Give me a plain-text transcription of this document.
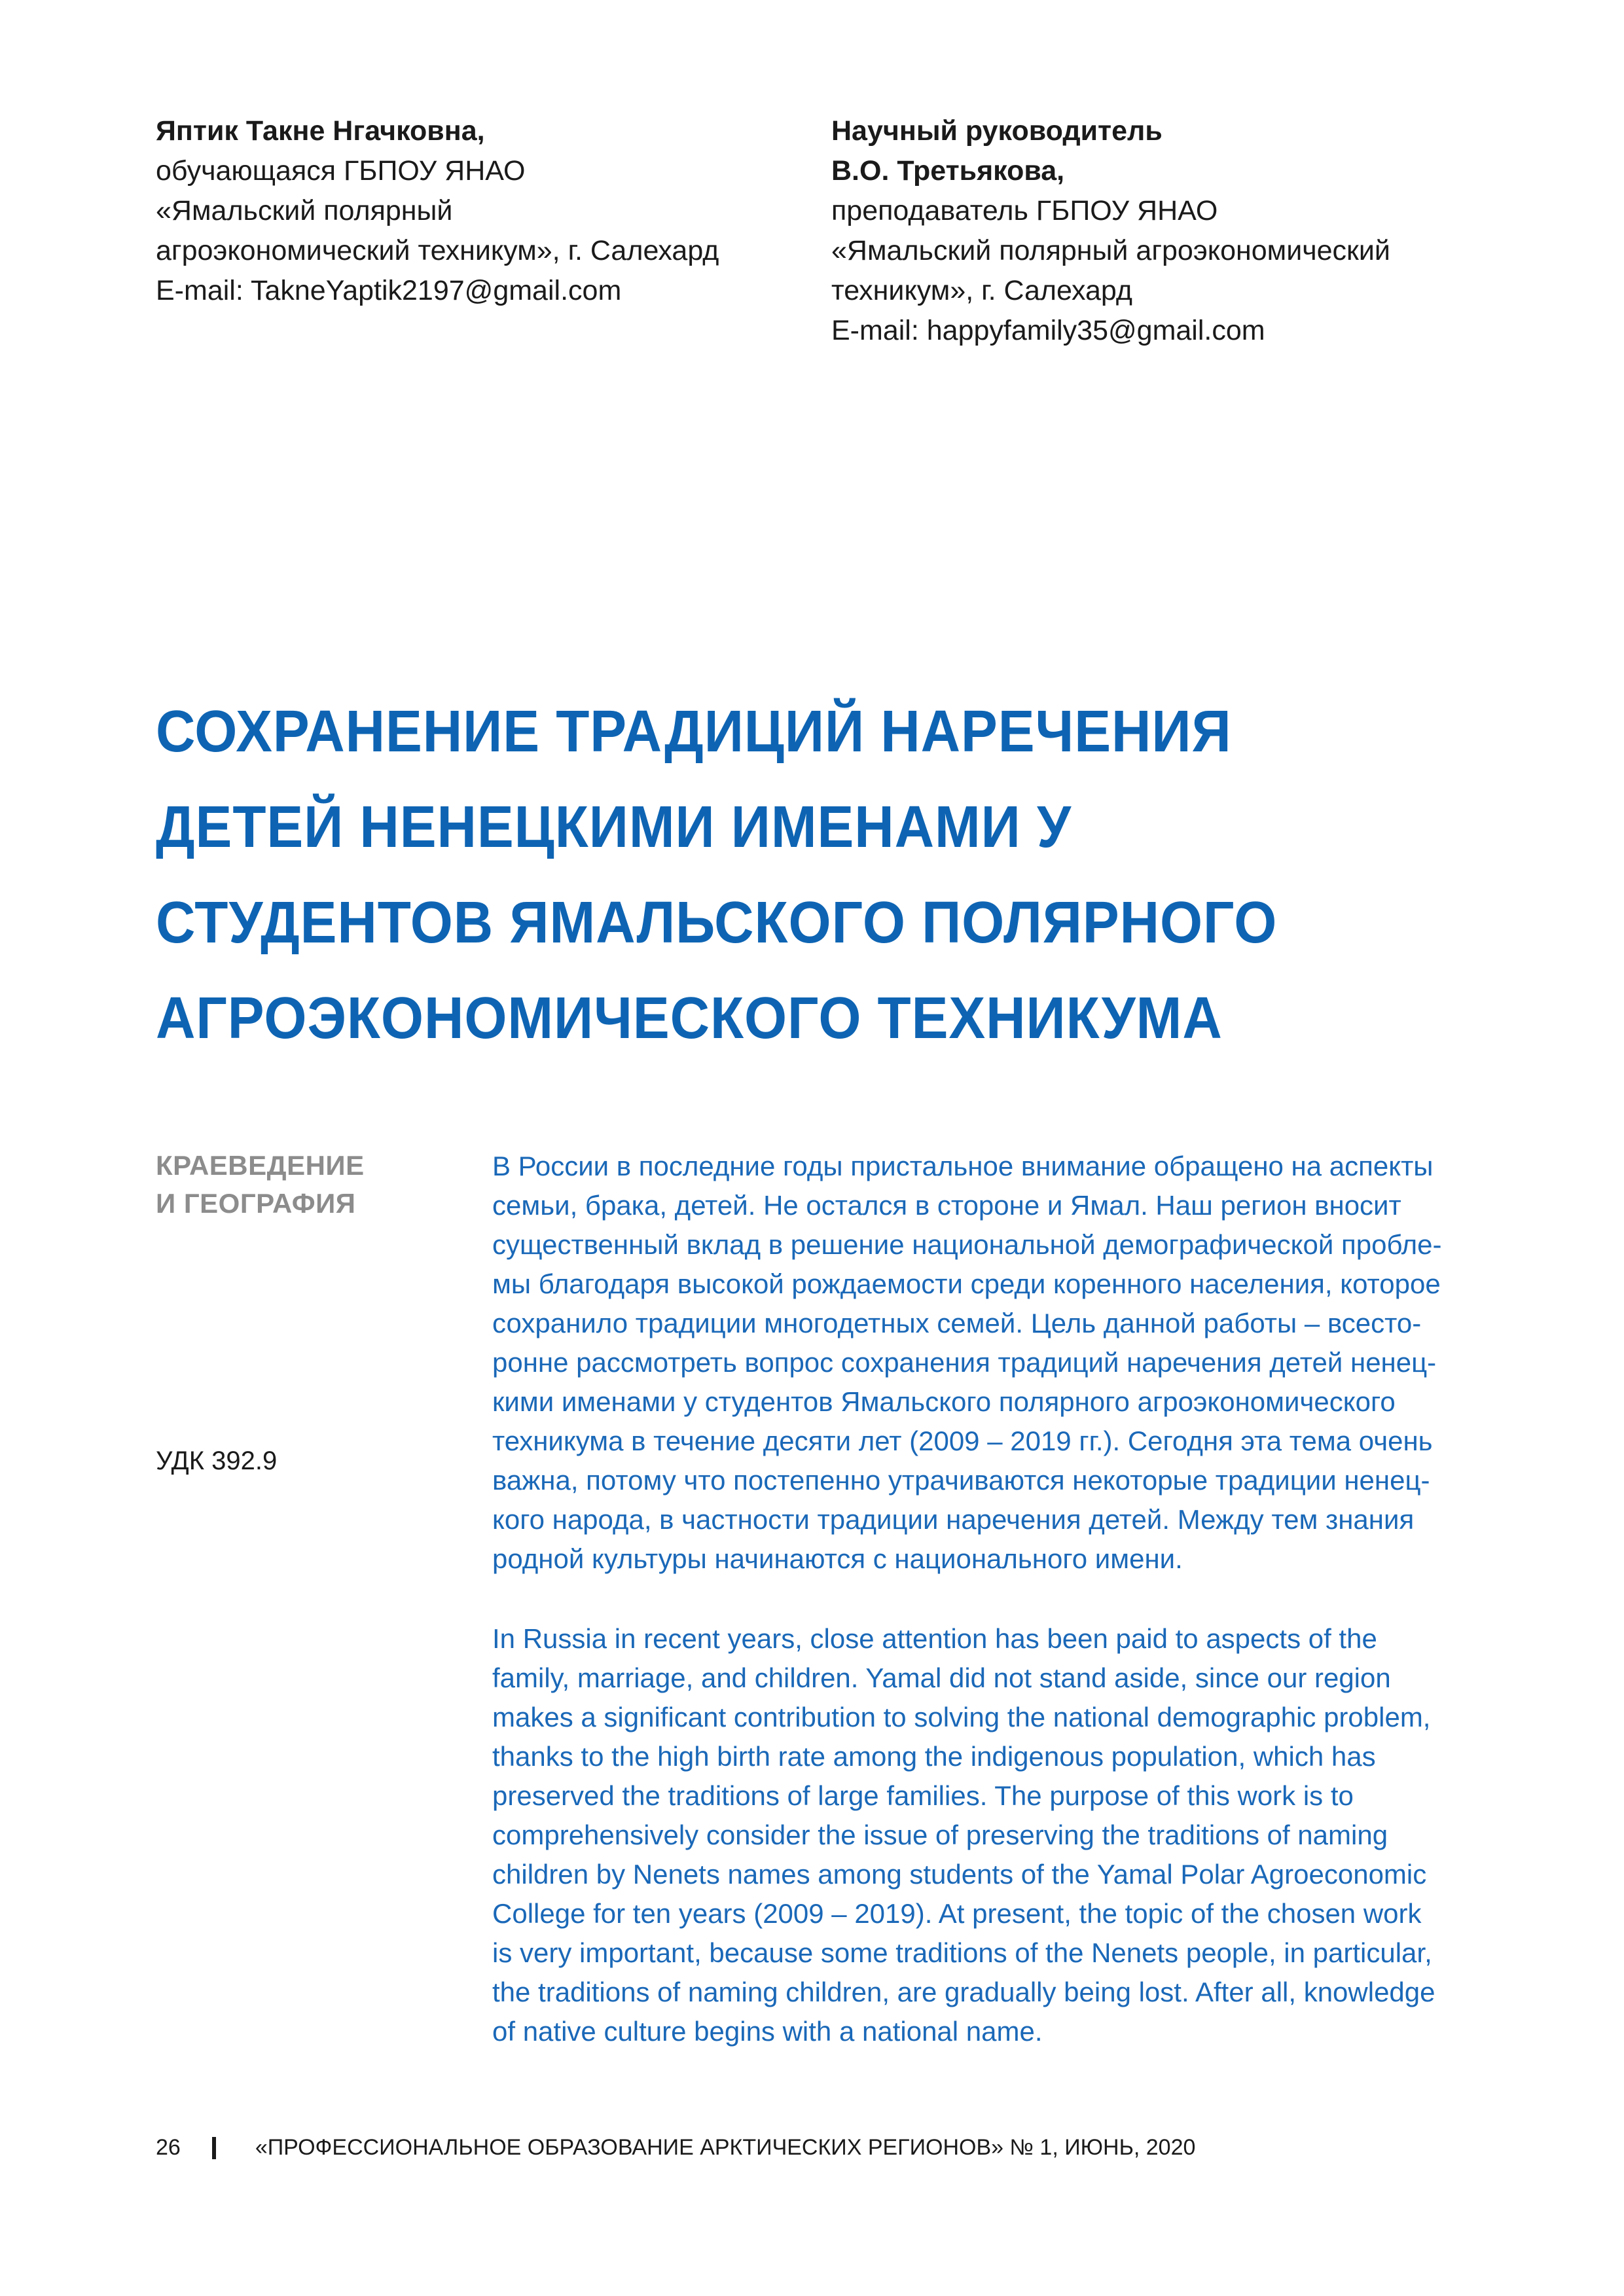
Яптик Такне Нгачковна,
обучающаяся ГБПОУ ЯНАО
«Ямальский полярный
агроэкономический техникум», г. Салехард
E-mail: TakneYaptik2197@gmail.com
Научный руководитель
В.О. Третьякова,
преподаватель ГБПОУ ЯНАО
«Ямальский полярный агроэкономический
техникум», г. Салехард
E-mail: happyfamily35@gmail.com
СОХРАНЕНИЕ ТРАДИЦИЙ НАРЕЧЕНИЯ
ДЕТЕЙ НЕНЕЦКИМИ ИМЕНАМИ У
СТУДЕНТОВ ЯМАЛЬСКОГО ПОЛЯРНОГО
АГРОЭКОНОМИЧЕСКОГО ТЕХНИКУМА
КРАЕВЕДЕНИЕ
И ГЕОГРАФИЯ
УДК 392.9
В России в последние годы пристальное внимание обращено на аспекты
семьи, брака, детей. Не остался в стороне и Ямал. Наш регион вносит
существенный вклад в решение национальной демографической пробле-
мы благодаря высокой рождаемости среди коренного населения, которое
сохранило традиции многодетных семей. Цель данной работы – всесто-
ронне рассмотреть вопрос сохранения традиций наречения детей ненец-
кими именами у студентов Ямальского полярного агроэкономического
техникума в течение десяти лет (2009 – 2019 гг.). Сегодня эта тема очень
важна, потому что постепенно утрачиваются некоторые традиции ненец-
кого народа, в частности традиции наречения детей. Между тем знания
родной культуры начинаются с национального имени.
In Russia in recent years, close attention has been paid to aspects of the
family, marriage, and children. Yamal did not stand aside, since our region
makes a significant contribution to solving the national demographic problem,
thanks to the high birth rate among the indigenous population, which has
preserved the traditions of large families. The purpose of this work is to
comprehensively consider the issue of preserving the traditions of naming
children by Nenets names among students of the Yamal Polar Agroeconomic
College for ten years (2009 – 2019). At present, the topic of the chosen work
is very important, because some traditions of the Nenets people, in particular,
the traditions of naming children, are gradually being lost. After all, knowledge
of native culture begins with a national name.
26	«ПРОФЕССИОНАЛЬНОЕ ОБРАЗОВАНИЕ АРКТИЧЕСКИХ РЕГИОНОВ» № 1, ИЮНЬ, 2020
